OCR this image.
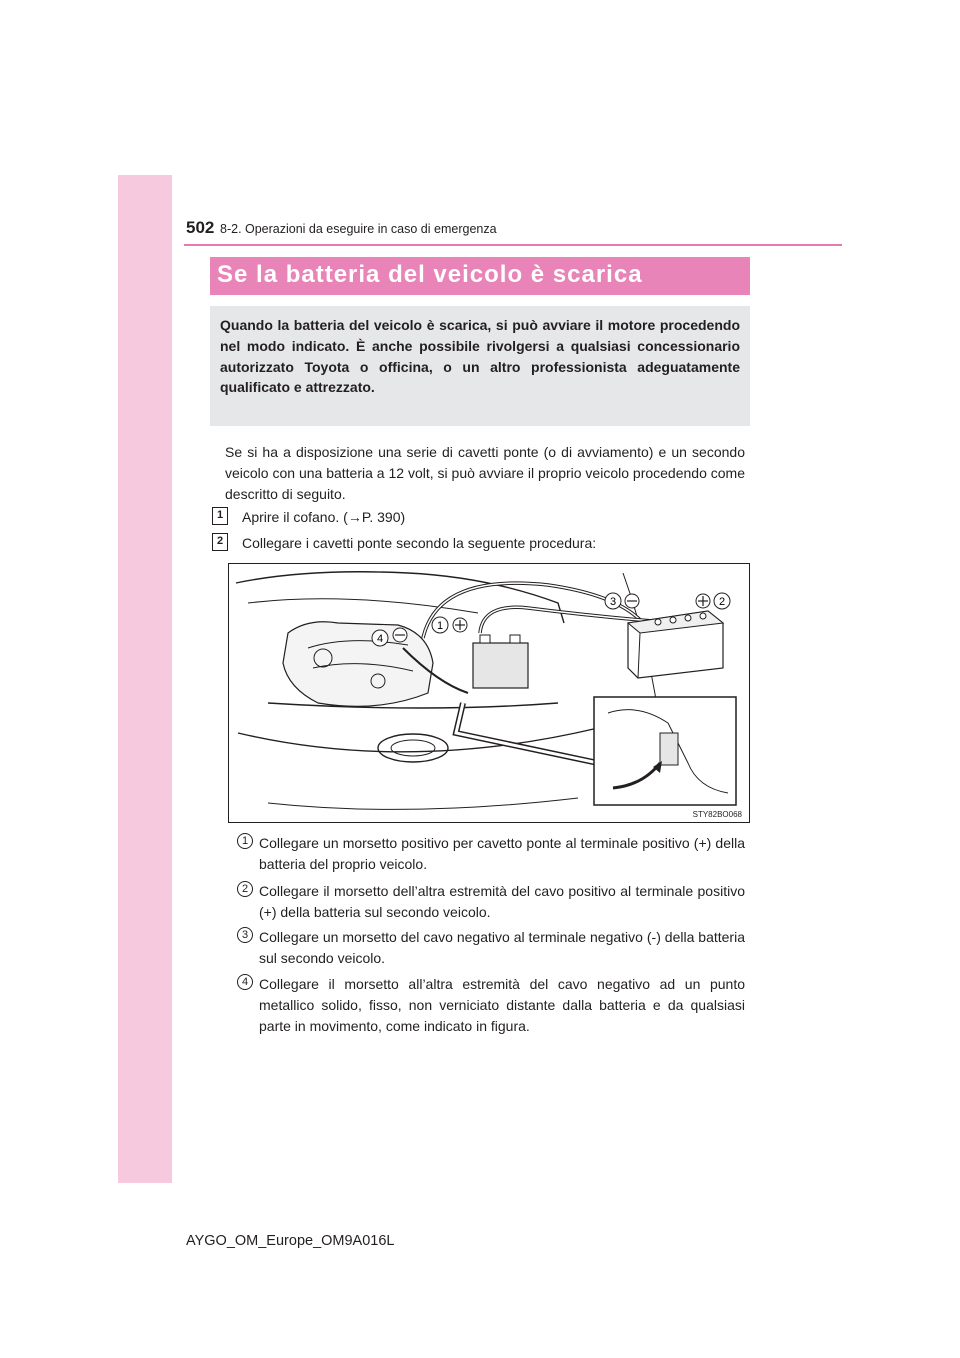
502 8-2. Operazioni da eseguire in caso di emergenza
Se la batteria del veicolo è scarica

Quando la batteria del veicolo è scarica, si può avviare il motore procedendo nel modo indicato. È anche possibile rivolgersi a qualsiasi concessionario autorizzato Toyota o officina, o un altro professionista adeguatamente qualificato e attrezzato.

Se si ha a disposizione una serie di cavetti ponte (o di avviamento) e un secondo veicolo con una batteria a 12 volt, si può avviare il proprio veicolo procedendo come descritto di seguito.

1	Aprire il cofano. (→P. 390)
2	Collegare i cavetti ponte secondo la seguente procedura:
1
4
3	2
STY82BO068
1 Collegare un morsetto positivo per cavetto ponte al terminale positivo (+) della batteria del proprio veicolo.

2 Collegare il morsetto dell’altra estremità del cavo positivo al terminale positivo (+) della batteria sul secondo veicolo.

3 Collegare un morsetto del cavo negativo al terminale negativo (-) della batteria sul secondo veicolo.

4 Collegare il morsetto all’altra estremità del cavo negativo ad un punto metallico solido, fisso, non verniciato distante dalla batteria e da qualsiasi parte in movimento, come indicato in figura.

AYGO_OM_Europe_OM9A016L
